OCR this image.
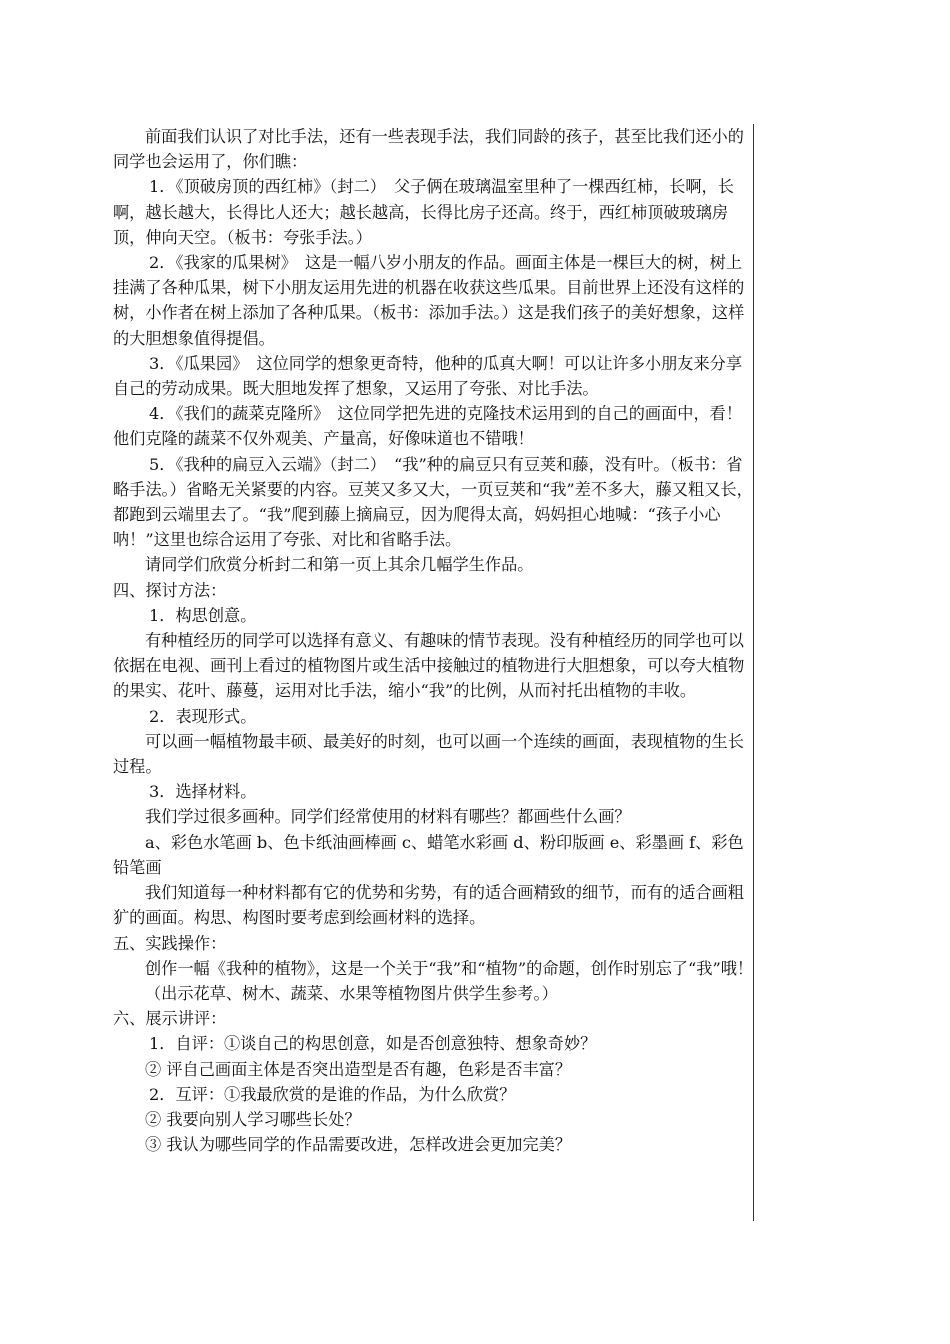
前面我们认识了对比手法，还有一些表现手法，我们同龄的孩子，甚至比我们还小的同学也会运用了，你们瞧：

1．《顶破房顶的西红柿》（封二）　父子俩在玻璃温室里种了一棵西红柿，长啊，长啊，越长越大，长得比人还大；越长越高，长得比房子还高。终于，西红柿顶破玻璃房顶，伸向天空。（板书：夸张手法。）

2．《我家的瓜果树》　这是一幅八岁小朋友的作品。画面主体是一棵巨大的树，树上挂满了各种瓜果，树下小朋友运用先进的机器在收获这些瓜果。目前世界上还没有这样的树，小作者在树上添加了各种瓜果。（板书：添加手法。）这是我们孩子的美好想象，这样的大胆想象值得提倡。

3．《瓜果园》　这位同学的想象更奇特，他种的瓜真大啊！可以让许多小朋友来分享自己的劳动成果。既大胆地发挥了想象，又运用了夸张、对比手法。

4．《我们的蔬菜克隆所》　这位同学把先进的克隆技术运用到的自己的画面中，看！他们克隆的蔬菜不仅外观美、产量高，好像味道也不错哦！

5．《我种的扁豆入云端》（封二）　“我”种的扁豆只有豆荚和藤，没有叶。（板书：省略手法。）省略无关紧要的内容。豆荚又多又大，一页豆荚和“我”差不多大，藤又粗又长，都跑到云端里去了。“我”爬到藤上摘扁豆，因为爬得太高，妈妈担心地喊：“孩子小心呐！”这里也综合运用了夸张、对比和省略手法。

请同学们欣赏分析封二和第一页上其余几幅学生作品。

四、探讨方法：

1．构思创意。

有种植经历的同学可以选择有意义、有趣味的情节表现。没有种植经历的同学也可以依据在电视、画刊上看过的植物图片或生活中接触过的植物进行大胆想象，可以夸大植物的果实、花叶、藤蔓，运用对比手法，缩小“我”的比例，从而衬托出植物的丰收。

2．表现形式。

可以画一幅植物最丰硕、最美好的时刻，也可以画一个连续的画面，表现植物的生长过程。

3．选择材料。

我们学过很多画种。同学们经常使用的材料有哪些？都画些什么画？

a、彩色水笔画 b、色卡纸油画棒画 c、蜡笔水彩画 d、粉印版画 e、彩墨画 f、彩色铅笔画

我们知道每一种材料都有它的优势和劣势，有的适合画精致的细节，而有的适合画粗犷的画面。构思、构图时要考虑到绘画材料的选择。

五、实践操作：

创作一幅《我种的植物》，这是一个关于“我”和“植物”的命题，创作时别忘了“我”哦！

（出示花草、树木、蔬菜、水果等植物图片供学生参考。）

六、展示讲评：

1．自评：①谈自己的构思创意，如是否创意独特、想象奇妙？

② 评自己画面主体是否突出造型是否有趣，色彩是否丰富？

2．互评：①我最欣赏的是谁的作品，为什么欣赏？

② 我要向别人学习哪些长处？

③ 我认为哪些同学的作品需要改进，怎样改进会更加完美？
